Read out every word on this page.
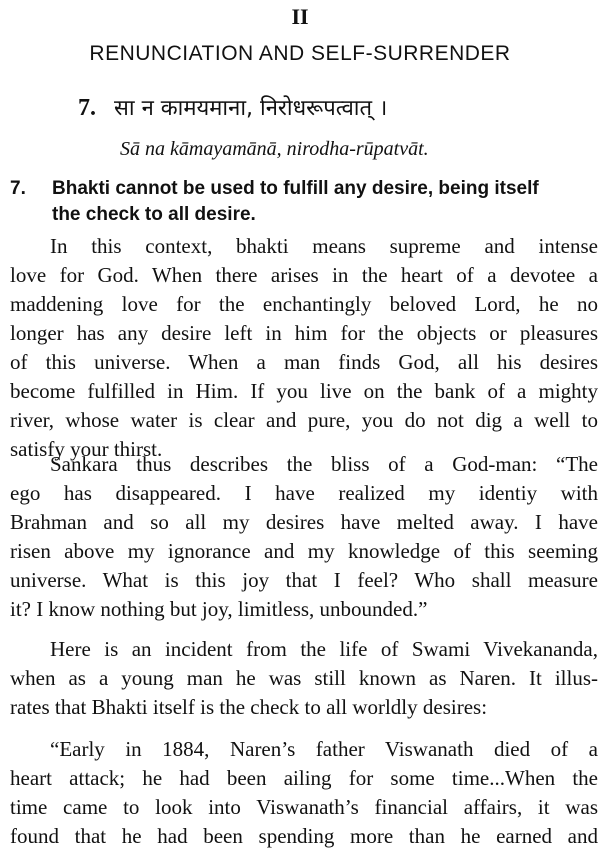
II
RENUNCIATION AND SELF-SURRENDER
7. सा न कामयमाना, निरोधरूपत्वात् ।
Sā na kāmayamānā, nirodha-rūpatvāt.
7. Bhakti cannot be used to fulfill any desire, being itself
the check to all desire.
In this context, bhakti means supreme and intense
love for God. When there arises in the heart of a devotee a
maddening love for the enchantingly beloved Lord, he no
longer has any desire left in him for the objects or pleasures
of this universe. When a man finds God, all his desires
become fulfilled in Him. If you live on the bank of a mighty
river, whose water is clear and pure, you do not dig a well to
satisfy your thirst.
Sankara thus describes the bliss of a God-man: “The
ego has disappeared. I have realized my identiy with
Brahman and so all my desires have melted away. I have
risen above my ignorance and my knowledge of this seeming
universe. What is this joy that I feel? Who shall measure
it? I know nothing but joy, limitless, unbounded.”
Here is an incident from the life of Swami Vivekananda,
when as a young man he was still known as Naren. It illus-
rates that Bhakti itself is the check to all worldly desires:
“Early in 1884, Naren’s father Viswanath died of a
heart attack; he had been ailing for some time...When the
time came to look into Viswanath’s financial affairs, it was
found that he had been spending more than he earned and
